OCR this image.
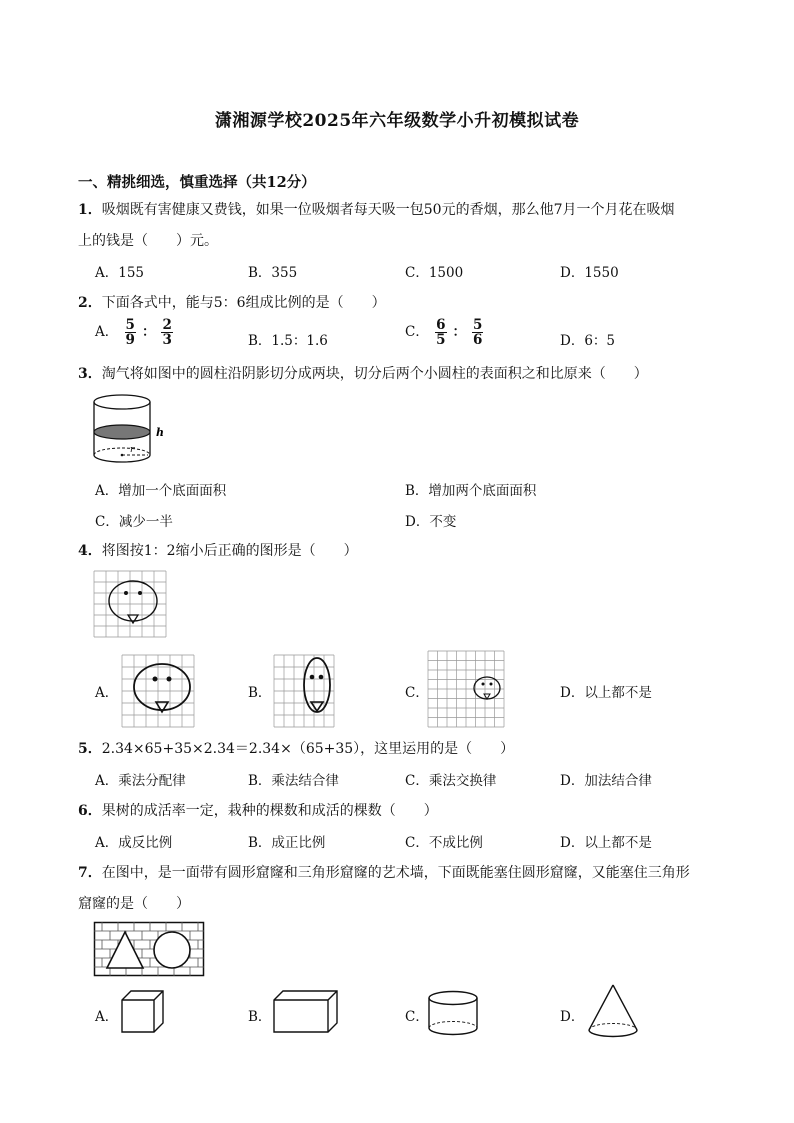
潇湘源学校2025年六年级数学小升初模拟试卷
一、精挑细选，慎重选择（共12分）
1．吸烟既有害健康又费钱，如果一位吸烟者每天吸一包50元的香烟，那么他7月一个月花在吸烟
上的钱是（　　）元。
A．155	B．355	C．1500	D．1550
2．下面各式中，能与5：6组成比例的是（　　）
A． $\frac{5}{9}$ ： $\frac{2}{3}$	B．1.5：1.6
C． $\frac{6}{5}$ ： $\frac{5}{6}$	D．6：5
3．淘气将如图中的圆柱沿阴影切分成两块，切分后两个小圆柱的表面积之和比原来（　　）
h
r
A．增加一个底面面积	B．增加两个底面面积
C．减少一半	D．不变
4．将图按1：2缩小后正确的图形是（　　）
A．	B．	C．	D．以上都不是
5．2.34×65+35×2.34＝2.34×（65+35），这里运用的是（　　）
A．乘法分配律	B．乘法结合律	C．乘法交换律	D．加法结合律
6．果树的成活率一定，栽种的棵数和成活的棵数（　　）
A．成反比例	B．成正比例	C．不成比例	D．以上都不是
7．在图中，是一面带有圆形窟窿和三角形窟窿的艺术墙，下面既能塞住圆形窟窿，又能塞住三角形
窟窿的是（　　）
A．	B．	C．	D．
